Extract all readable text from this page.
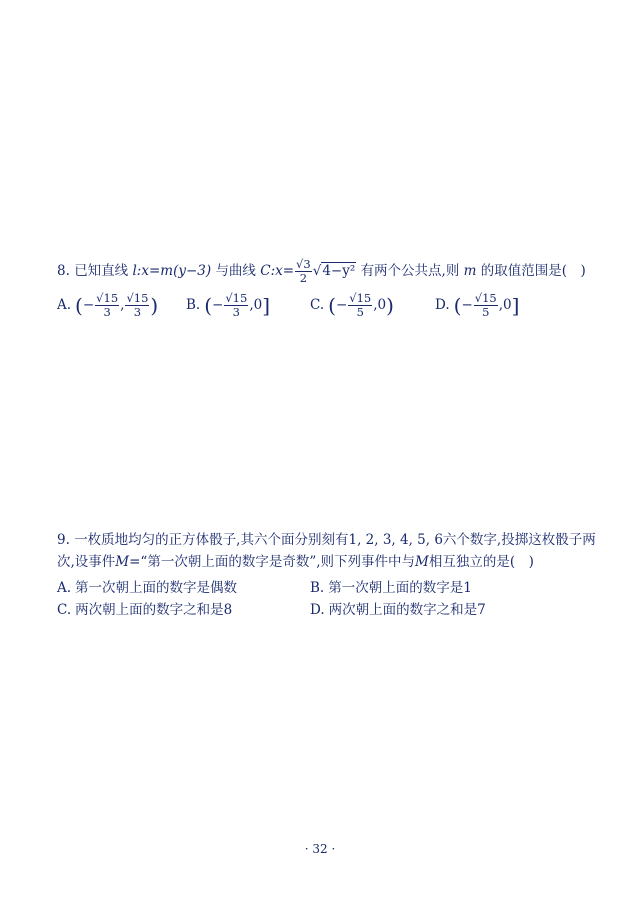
8. 已知直线 l:x=m(y−3) 与曲线 C:x= $\frac{√3}{2} √4-y^2$ 有两个公共点,则 m 的取值范围是(　)
A. (− $\frac{√15}{3}$ , $\frac{√15}{3}$ ) B. (− $\frac{√15}{3} ,0$]	C. (− $\frac{√15}{5} ,0$)	D. (− $\frac{√15}{5} ,0$]
9. 一枚质地均匀的正方体骰子,其六个面分别刻有1, 2, 3, 4, 5, 6六个数字,投掷这枚骰子两
次,设事件M=“第一次朝上面的数字是奇数”,则下列事件中与M相互独立的是(　)
A. 第一次朝上面的数字是偶数	B. 第一次朝上面的数字是1
C. 两次朝上面的数字之和是8	D. 两次朝上面的数字之和是7
· 32 ·
